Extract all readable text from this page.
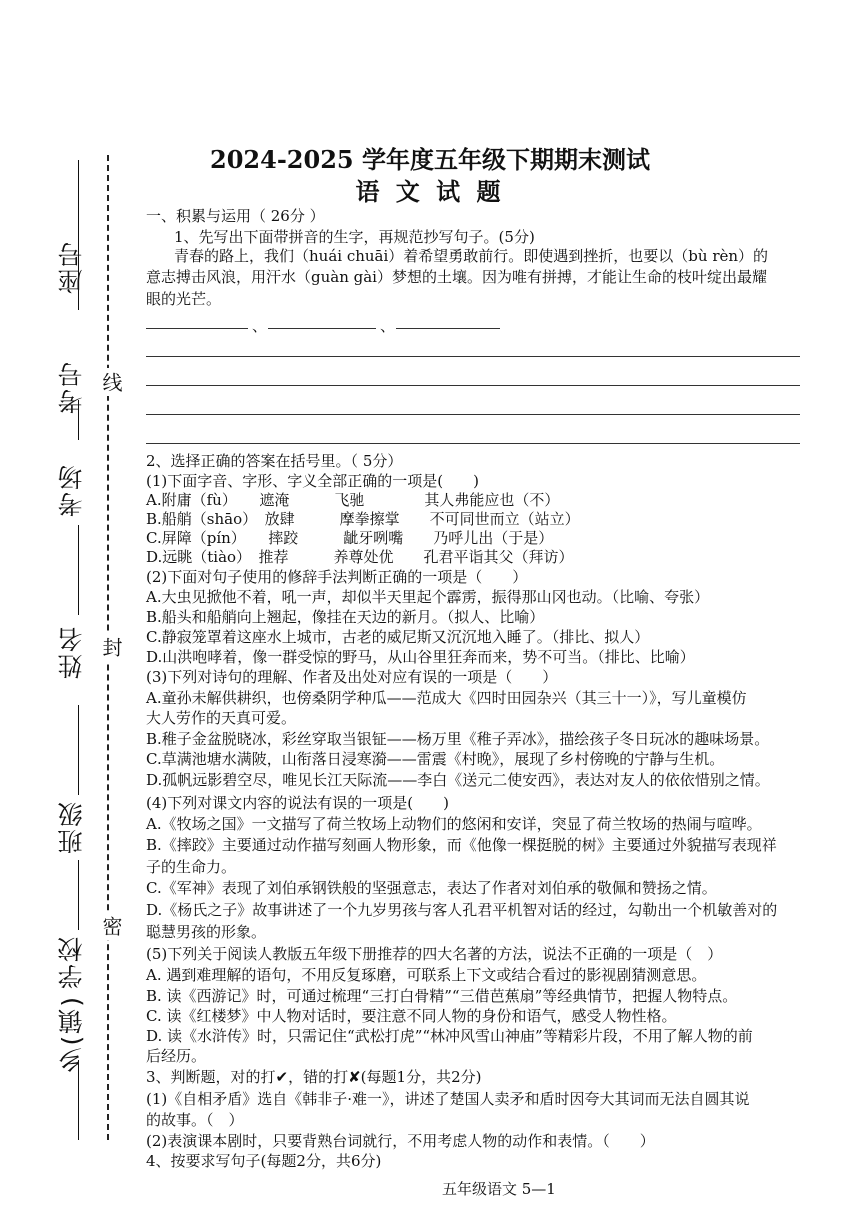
座号
考号
考场
姓名
班级
学校
乡(镇)
线
封
密
2024-2025 学年度五年级下期期末测试
语 文 试 题
一、积累与运用（ 26分 ）
1、先写出下面带拼音的生字，再规范抄写句子。(5分)
青春的路上，我们（huái chuāi）着希望勇敢前行。即使遇到挫折，也要以（bù rèn）的
意志搏击风浪，用汗水（guàn gài）梦想的土壤。因为唯有拼搏，才能让生命的枝叶绽出最耀
眼的光芒。
、	、
2、选择正确的答案在括号里。（ 5分）
(1)下面字音、字形、字义全部正确的一项是(　　)
A.附庸（fù）　　遮淹　　　飞驰　　　　其人弗能应也（不）
B.船艄（shāo）　放肆　　　摩拳擦掌　　不可同世而立（站立）
C.屏障（pín）　　摔跤　　　龇牙咧嘴　　乃呼儿出（于是）
D.远眺（tiào）　推荐　　　养尊处优　　孔君平诣其父（拜访）
(2)下面对句子使用的修辞手法判断正确的一项是（　　）
A.大虫见掀他不着，吼一声，却似半天里起个霹雳，振得那山冈也动。（比喻、夸张）
B.船头和船艄向上翘起，像挂在天边的新月。（拟人、比喻）
C.静寂笼罩着这座水上城市，古老的威尼斯又沉沉地入睡了。（排比、拟人）
D.山洪咆哮着，像一群受惊的野马，从山谷里狂奔而来，势不可当。（排比、比喻）
(3)下列对诗句的理解、作者及出处对应有误的一项是（　　）
A.童孙未解供耕织，也傍桑阴学种瓜——范成大《四时田园杂兴（其三十一）》，写儿童模仿
大人劳作的天真可爱。
B.稚子金盆脱晓冰，彩丝穿取当银钲——杨万里《稚子弄冰》，描绘孩子冬日玩冰的趣味场景。
C.草满池塘水满陂，山衔落日浸寒漪——雷震《村晚》，展现了乡村傍晚的宁静与生机。
D.孤帆远影碧空尽，唯见长江天际流——李白《送元二使安西》，表达对友人的依依惜别之情。
(4)下列对课文内容的说法有误的一项是(　　)
A.《牧场之国》一文描写了荷兰牧场上动物们的悠闲和安详，突显了荷兰牧场的热闹与喧哗。
B.《摔跤》主要通过动作描写刻画人物形象，而《他像一棵挺脱的树》主要通过外貌描写表现祥
子的生命力。
C.《军神》表现了刘伯承钢铁般的坚强意志，表达了作者对刘伯承的敬佩和赞扬之情。
D.《杨氏之子》故事讲述了一个九岁男孩与客人孔君平机智对话的经过，勾勒出一个机敏善对的
聪慧男孩的形象。
(5)下列关于阅读人教版五年级下册推荐的四大名著的方法，说法不正确的一项是（　）
A. 遇到难理解的语句，不用反复琢磨，可联系上下文或结合看过的影视剧猜测意思。
B. 读《西游记》时，可通过梳理“三打白骨精”“三借芭蕉扇”等经典情节，把握人物特点。
C. 读《红楼梦》中人物对话时，要注意不同人物的身份和语气，感受人物性格。
D. 读《水浒传》时，只需记住“武松打虎”“林冲风雪山神庙”等精彩片段，不用了解人物的前
后经历。
3、判断题，对的打✔，错的打✘(每题1分，共2分)
(1)《自相矛盾》选自《韩非子·难一》，讲述了楚国人卖矛和盾时因夸大其词而无法自圆其说
的故事。（　）
(2)表演课本剧时，只要背熟台词就行，不用考虑人物的动作和表情。（　　）
4、按要求写句子(每题2分，共6分)
五年级语文 5—1
